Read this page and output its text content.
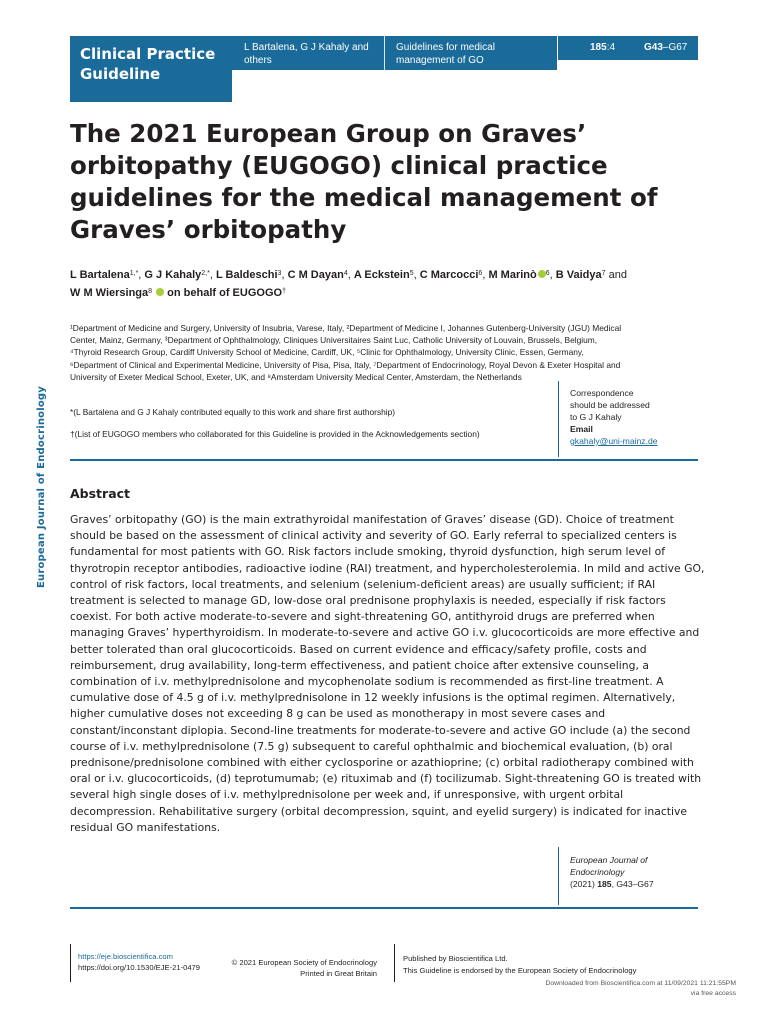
Clinical Practice
Guideline
L Bartalena, G J Kahaly and others
Guidelines for medical management of GO
185:4	G43–G67
European Journal of Endocrinology
The 2021 European Group on Graves’ orbitopathy (EUGOGO) clinical practice guidelines for the medical management of Graves’ orbitopathy
L Bartalena$^{1,*}$, G J Kahaly$^{2,*}$, L Baldeschi$^3$, C M Dayan$^4$, A Eckstein$^5$, C Marcocci$^6$, M Marinò $^6$, B Vaidya$^7$ and
W M Wiersinga$^8$ on behalf of EUGOGO†
¹Department of Medicine and Surgery, University of Insubria, Varese, Italy, ²Department of Medicine I, Johannes Gutenberg-University (JGU) Medical Center, Mainz, Germany, ³Department of Ophthalmology, Cliniques Universitaires Saint Luc, Catholic University of Louvain, Brussels, Belgium, ⁴Thyroid Research Group, Cardiff University School of Medicine, Cardiff, UK, ⁵Clinic for Ophthalmology, University Clinic, Essen, Germany, ⁶Department of Clinical and Experimental Medicine, University of Pisa, Pisa, Italy, ⁷Department of Endocrinology, Royal Devon & Exeter Hospital and University of Exeter Medical School, Exeter, UK, and ⁸Amsterdam University Medical Center, Amsterdam, the Netherlands
*(L Bartalena and G J Kahaly contributed equally to this work and share first authorship)
†(List of EUGOGO members who collaborated for this Guideline is provided in the Acknowledgements section)
Correspondence
should be addressed
to G J Kahaly
Email
gkahaly@uni-mainz.de
Abstract

Graves’ orbitopathy (GO) is the main extrathyroidal manifestation of Graves’ disease (GD). Choice of treatment should be based on the assessment of clinical activity and severity of GO. Early referral to specialized centers is fundamental for most patients with GO. Risk factors include smoking, thyroid dysfunction, high serum level of thyrotropin receptor antibodies, radioactive iodine (RAI) treatment, and hypercholesterolemia. In mild and active GO, control of risk factors, local treatments, and selenium (selenium-deficient areas) are usually sufficient; if RAI treatment is selected to manage GD, low-dose oral prednisone prophylaxis is needed, especially if risk factors coexist. For both active moderate-to-severe and sight-threatening GO, antithyroid drugs are preferred when managing Graves’ hyperthyroidism. In moderate-to-severe and active GO i.v. glucocorticoids are more effective and better tolerated than oral glucocorticoids. Based on current evidence and efficacy/safety profile, costs and reimbursement, drug availability, long-term effectiveness, and patient choice after extensive counseling, a combination of i.v. methylprednisolone and mycophenolate sodium is recommended as first-line treatment. A cumulative dose of 4.5 g of i.v. methylprednisolone in 12 weekly infusions is the optimal regimen. Alternatively, higher cumulative doses not exceeding 8 g can be used as monotherapy in most severe cases and constant/inconstant diplopia. Second-line treatments for moderate-to-severe and active GO include (a) the second course of i.v. methylprednisolone (7.5 g) subsequent to careful ophthalmic and biochemical evaluation, (b) oral prednisone/prednisolone combined with either cyclosporine or azathioprine; (c) orbital radiotherapy combined with oral or i.v. glucocorticoids, (d) teprotumumab; (e) rituximab and (f) tocilizumab. Sight-threatening GO is treated with several high single doses of i.v. methylprednisolone per week and, if unresponsive, with urgent orbital decompression. Rehabilitative surgery (orbital decompression, squint, and eyelid surgery) is indicated for inactive residual GO manifestations.

European Journal of
Endocrinology
(2021) 185, G43–G67
https://eje.bioscientifica.com
https://doi.org/10.1530/EJE-21-0479
© 2021 European Society of Endocrinology
Printed in Great Britain
Published by Bioscientifica Ltd.
This Guideline is endorsed by the European Society of Endocrinology
Downloaded from Bioscientifica.com at 11/09/2021 11:21:55PM
via free access
